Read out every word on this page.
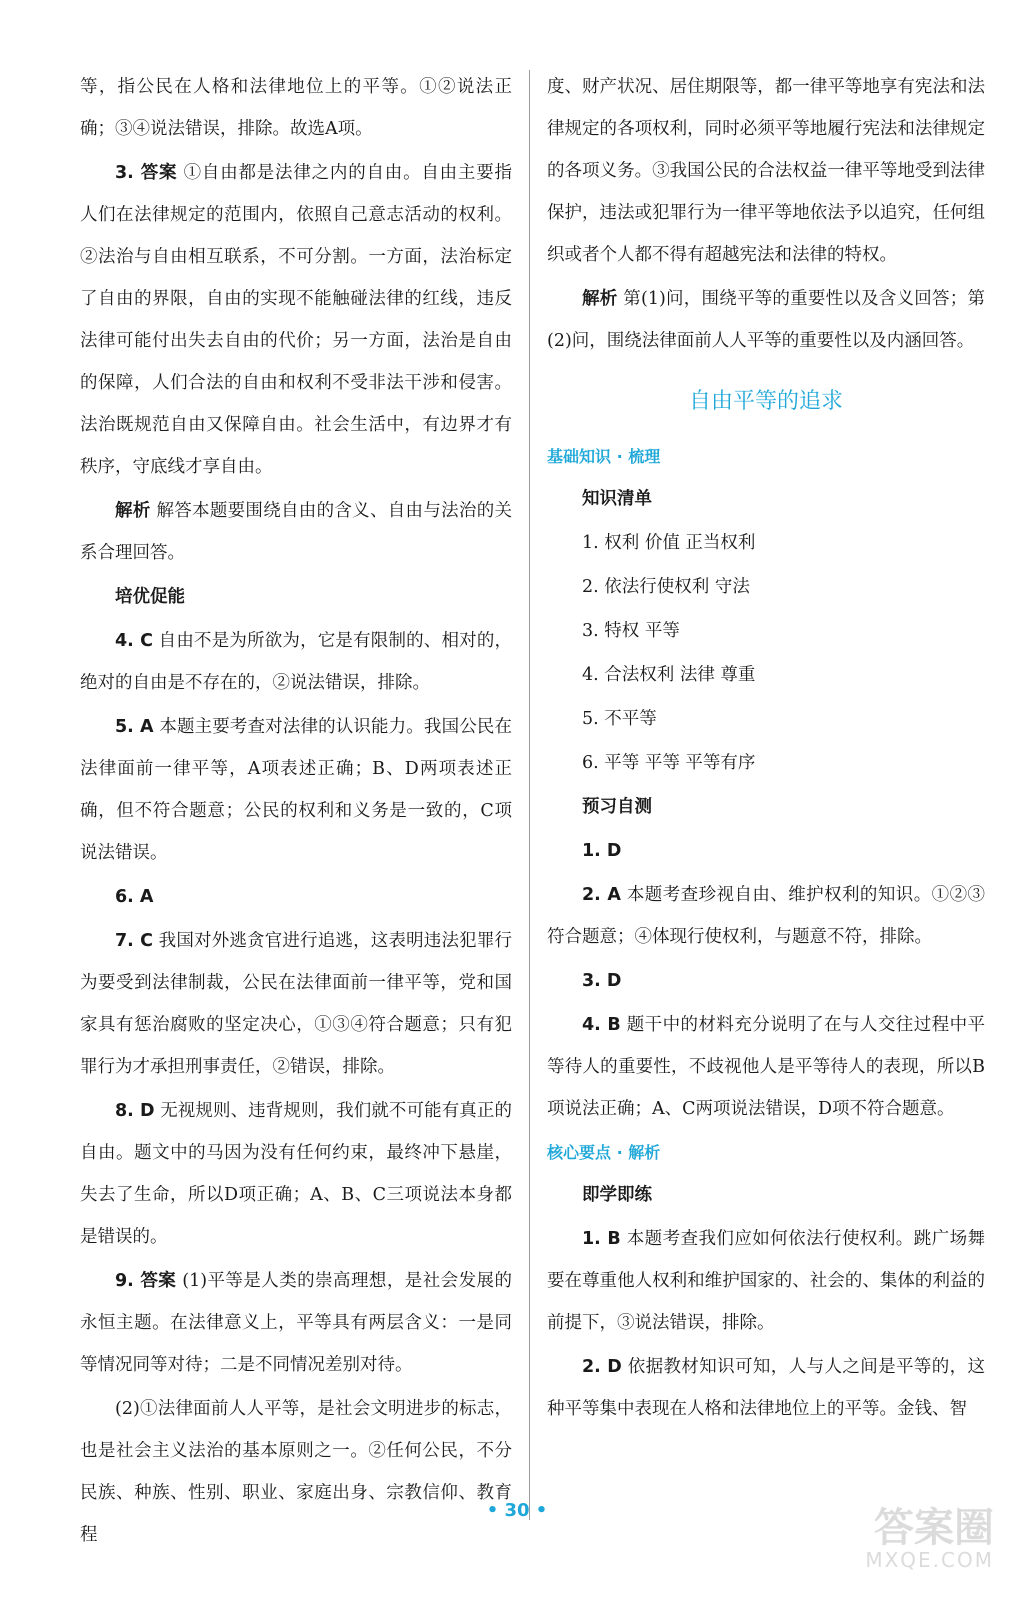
等，指公民在人格和法律地位上的平等。①②说法正确；③④说法错误，排除。故选A项。

3. 答案 ①自由都是法律之内的自由。自由主要指人们在法律规定的范围内，依照自己意志活动的权利。②法治与自由相互联系，不可分割。一方面，法治标定了自由的界限，自由的实现不能触碰法律的红线，违反法律可能付出失去自由的代价；另一方面，法治是自由的保障，人们合法的自由和权利不受非法干涉和侵害。法治既规范自由又保障自由。社会生活中，有边界才有秩序，守底线才享自由。

解析 解答本题要围绕自由的含义、自由与法治的关系合理回答。

培优促能

4. C 自由不是为所欲为，它是有限制的、相对的，绝对的自由是不存在的，②说法错误，排除。

5. A 本题主要考查对法律的认识能力。我国公民在法律面前一律平等，A项表述正确；B、D两项表述正确，但不符合题意；公民的权利和义务是一致的，C项说法错误。

6. A

7. C 我国对外逃贪官进行追逃，这表明违法犯罪行为要受到法律制裁，公民在法律面前一律平等，党和国家具有惩治腐败的坚定决心，①③④符合题意；只有犯罪行为才承担刑事责任，②错误，排除。

8. D 无视规则、违背规则，我们就不可能有真正的自由。题文中的马因为没有任何约束，最终冲下悬崖，失去了生命，所以D项正确；A、B、C三项说法本身都是错误的。

9. 答案 (1)平等是人类的崇高理想，是社会发展的永恒主题。在法律意义上，平等具有两层含义：一是同等情况同等对待；二是不同情况差别对待。

(2)①法律面前人人平等，是社会文明进步的标志，也是社会主义法治的基本原则之一。②任何公民，不分民族、种族、性别、职业、家庭出身、宗教信仰、教育程

度、财产状况、居住期限等，都一律平等地享有宪法和法律规定的各项权利，同时必须平等地履行宪法和法律规定的各项义务。③我国公民的合法权益一律平等地受到法律保护，违法或犯罪行为一律平等地依法予以追究，任何组织或者个人都不得有超越宪法和法律的特权。

解析 第(1)问，围绕平等的重要性以及含义回答；第(2)问，围绕法律面前人人平等的重要性以及内涵回答。

自由平等的追求
基础知识 · 梳理

知识清单

1. 权利 价值 正当权利

2. 依法行使权利 守法

3. 特权 平等

4. 合法权利 法律 尊重

5. 不平等

6. 平等 平等 平等有序

预习自测

1. D

2. A 本题考查珍视自由、维护权利的知识。①②③符合题意；④体现行使权利，与题意不符，排除。

3. D

4. B 题干中的材料充分说明了在与人交往过程中平等待人的重要性，不歧视他人是平等待人的表现，所以B项说法正确；A、C两项说法错误，D项不符合题意。

核心要点 · 解析

即学即练

1. B 本题考查我们应如何依法行使权利。跳广场舞要在尊重他人权利和维护国家的、社会的、集体的利益的前提下，③说法错误，排除。

2. D 依据教材知识可知，人与人之间是平等的，这种平等集中表现在人格和法律地位上的平等。金钱、智

• 30 •	答案圈
MXQE.COM
